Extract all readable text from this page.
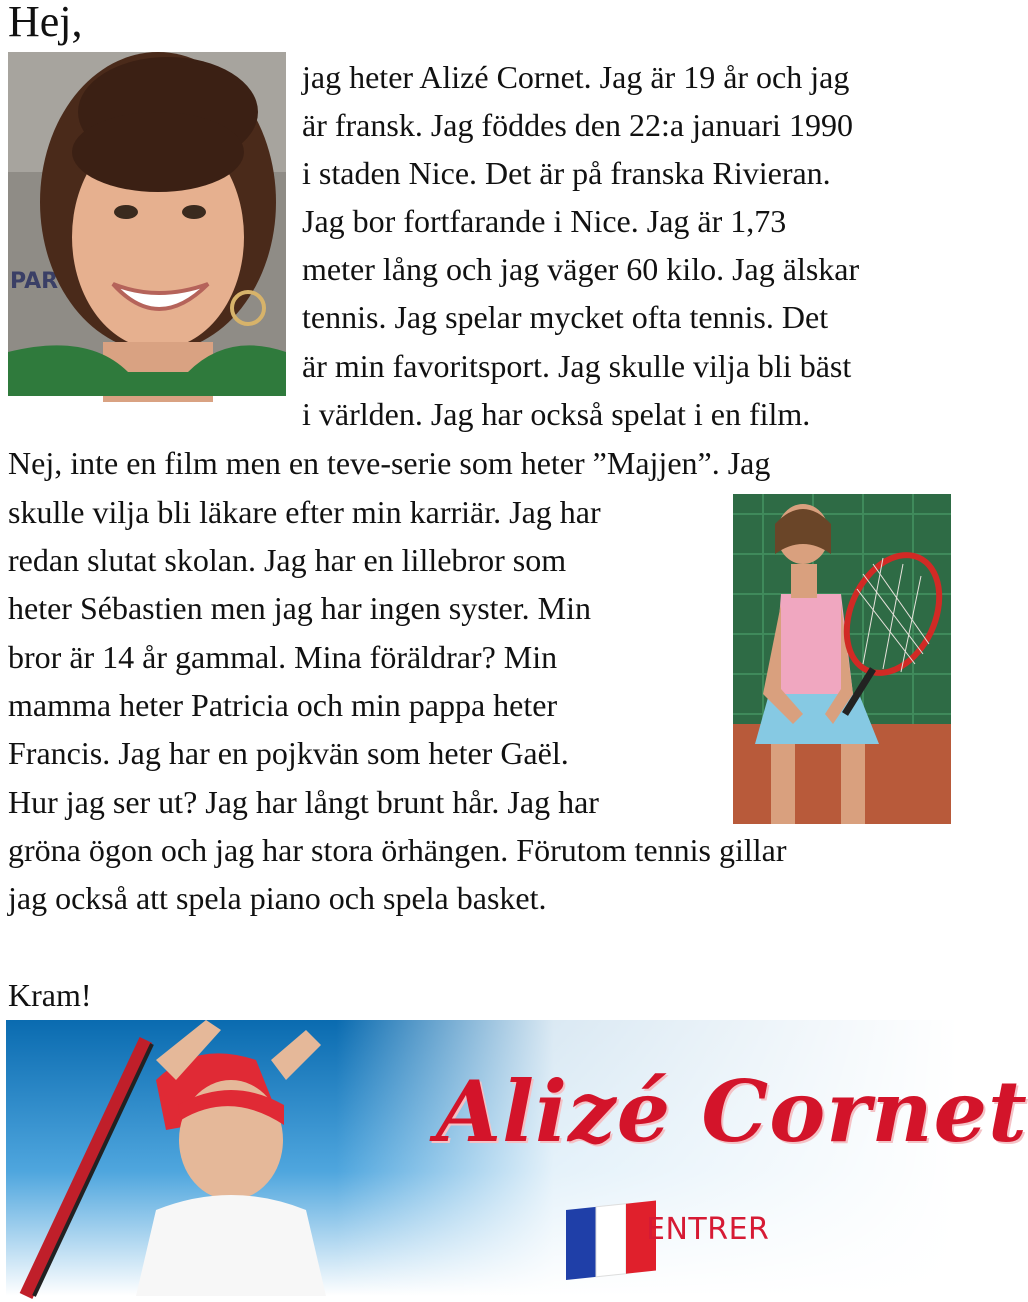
Hej,
PAR
jag heter Alizé Cornet. Jag är 19 år och jag
är fransk. Jag föddes den 22:a januari 1990
i staden Nice. Det är på franska Rivieran.
Jag bor fortfarande i Nice. Jag är 1,73
meter lång och jag väger 60 kilo. Jag älskar
tennis. Jag spelar mycket ofta tennis. Det
är min favoritsport. Jag skulle vilja bli bäst
i världen. Jag har också spelat i en film.
Nej, inte en film men en teve-serie som heter ”Majjen”. Jag
skulle vilja bli läkare efter min karriär. Jag har
redan slutat skolan. Jag har en lillebror som
heter Sébastien men jag har ingen syster. Min
bror är 14 år gammal. Mina föräldrar? Min
mamma heter Patricia och min pappa heter
Francis. Jag har en pojkvän som heter Gaël.
Hur jag ser ut? Jag har långt brunt hår. Jag har
gröna ögon och jag har stora örhängen. Förutom tennis gillar
jag också att spela piano och spela basket.
Kram!
Alizé Cornet
ENTRER
